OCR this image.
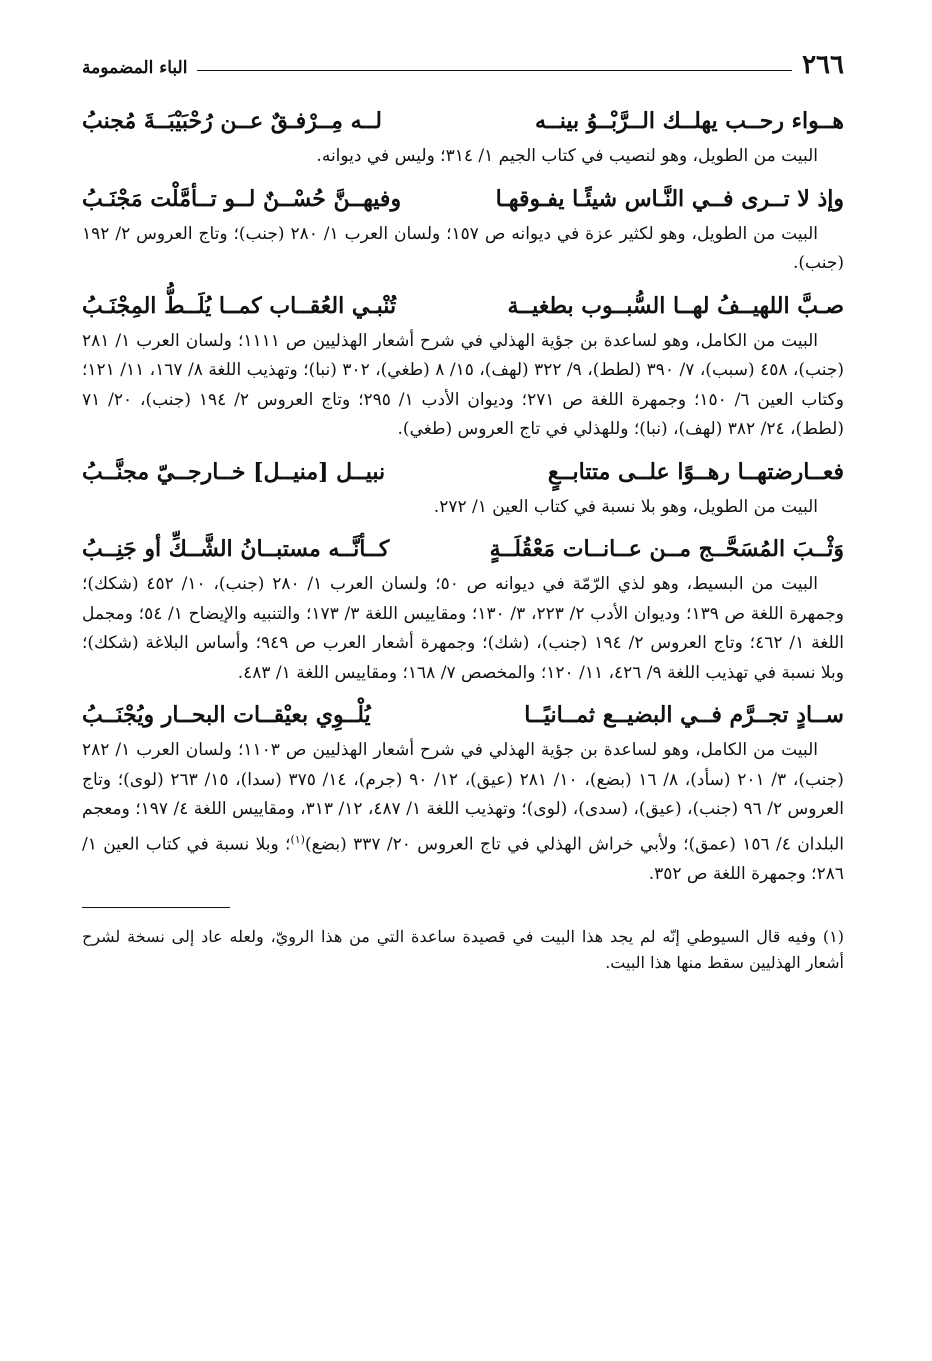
٢٦٦
الباء المضمومة
هــواء رحــب يهلــك الــرَّبْــوُ بينــه
لــه مِــرْفـقٌ عــن رُحْبَيْبَــةَ مُجنبُ

البيت من الطويل، وهو لنصيب في كتاب الجيم ١/ ٣١٤؛ وليس في ديوانه.

وإذ لا تــرى فــي النَّـاس شيئًـا يفـوقهـا
وفيهــنَّ حُسْــنٌ لــو تــأمَّلْت مَجْنَـبُ

البيت من الطويل، وهو لكثير عزة في ديوانه ص ١٥٧؛ ولسان العرب ١/ ٢٨٠ (جنب)؛ وتاج العروس ٢/ ١٩٢ (جنب).

صـبَّ اللهيــفُ لهــا السُّبــوب بطغيــة
تُنْبـي العُقــاب كمــا يُلَــطُّ المِجْنَـبُ

البيت من الكامل، وهو لساعدة بن جؤية الهذلي في شرح أشعار الهذليين ص ١١١١؛ ولسان العرب ١/ ٢٨١ (جنب)، ٤٥٨ (سبب)، ٧/ ٣٩٠ (لطط)، ٩/ ٣٢٢ (لهف)، ١٥/ ٨ (طغي)، ٣٠٢ (نبا)؛ وتهذيب اللغة ٨/ ١٦٧، ١١/ ١٢١؛ وكتاب العين ٦/ ١٥٠؛ وجمهرة اللغة ص ٢٧١؛ وديوان الأدب ١/ ٢٩٥؛ وتاج العروس ٢/ ١٩٤ (جنب)، ٢٠/ ٧١ (لطط)، ٢٤/ ٣٨٢ (لهف)، (نبا)؛ وللهذلي في تاج العروس (طغي).

فعــارضتهــا رهــوًا علــى متتابــعٍ
نبيــل [منيــل] خــارجــيّ مجنَّــبُ

البيت من الطويل، وهو بلا نسبة في كتاب العين ١/ ٢٧٢.

وَثْــبَ المُسَحَّــج مــن عــانــات مَعْقُلَــةٍ
كــأنَّــه مستبــانُ الشَّــكِّ أو جَنِــبُ

البيت من البسيط، وهو لذي الرّمّة في ديوانه ص ٥٠؛ ولسان العرب ١/ ٢٨٠ (جنب)، ١٠/ ٤٥٢ (شكك)؛ وجمهرة اللغة ص ١٣٩؛ وديوان الأدب ٢/ ٢٢٣، ٣/ ١٣٠؛ ومقاييس اللغة ٣/ ١٧٣؛ والتنبيه والإيضاح ١/ ٥٤؛ ومجمل اللغة ١/ ٤٦٢؛ وتاج العروس ٢/ ١٩٤ (جنب)، (شك)؛ وجمهرة أشعار العرب ص ٩٤٩؛ وأساس البلاغة (شكك)؛ وبلا نسبة في تهذيب اللغة ٩/ ٤٢٦، ١١/ ١٢٠؛ والمخصص ٧/ ١٦٨؛ ومقاييس اللغة ١/ ٤٨٣.

ســادٍ تجــرَّم فــي البضيــع ثمــانيًــا
يُلْــوِي بعيْقــات البحــار ويُجْنَــبُ

البيت من الكامل، وهو لساعدة بن جؤية الهذلي في شرح أشعار الهذليين ص ١١٠٣؛ ولسان العرب ١/ ٢٨٢ (جنب)، ٣/ ٢٠١ (سأد)، ٨/ ١٦ (بضع)، ١٠/ ٢٨١ (عيق)، ١٢/ ٩٠ (جرم)، ١٤/ ٣٧٥ (سدا)، ١٥/ ٢٦٣ (لوى)؛ وتاج العروس ٢/ ٩٦ (جنب)، (عيق)، (سدى)، (لوى)؛ وتهذيب اللغة ١/ ٤٨٧، ١٢/ ٣١٣، ومقاييس اللغة ٤/ ١٩٧؛ ومعجم البلدان ٤/ ١٥٦ (عمق)؛ ولأبي خراش الهذلي في تاج العروس ٢٠/ ٣٣٧ (بضع)$^{(١)}$؛ وبلا نسبة في كتاب العين ١/ ٢٨٦؛ وجمهرة اللغة ص ٣٥٢.

(١) وفيه قال السيوطي إنّه لم يجد هذا البيت في قصيدة ساعدة التي من هذا الرويّ، ولعله عاد إلى نسخة لشرح أشعار الهذليين سقط منها هذا البيت.
